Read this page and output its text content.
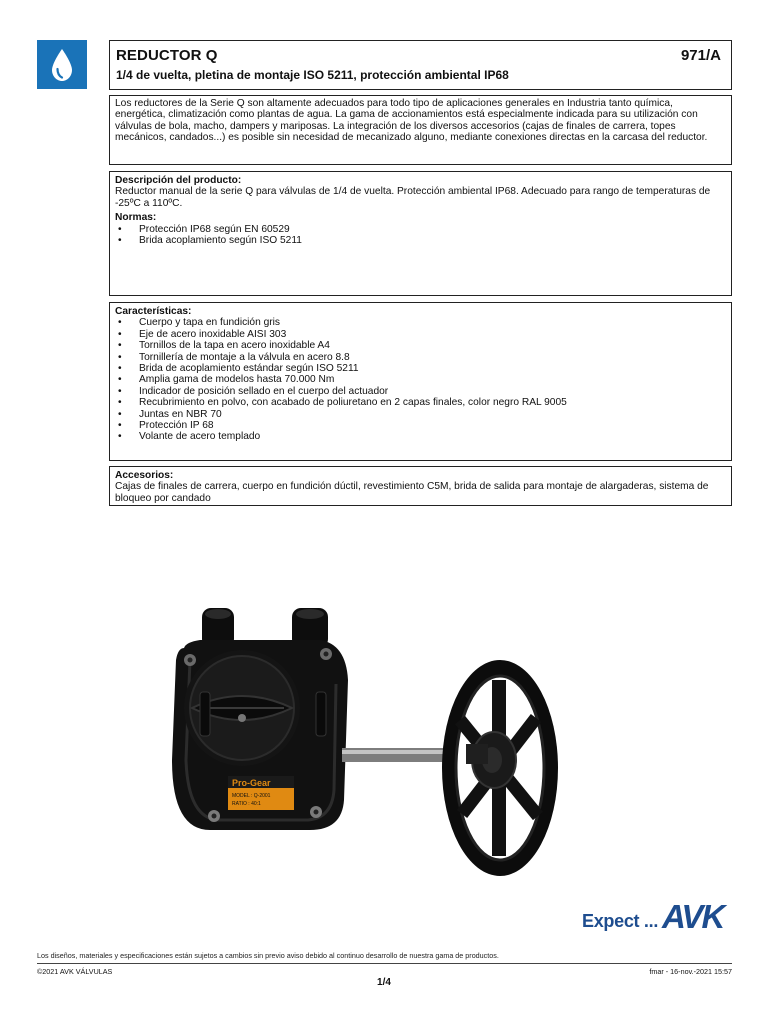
REDUCTOR Q	971/A
1/4 de vuelta, pletina de montaje ISO 5211, protección ambiental IP68

Los reductores de la Serie Q son altamente adecuados para todo tipo de aplicaciones generales en Industria tanto química, energética, climatización como plantas de agua. La gama de accionamientos está especialmente indicada para su utilización con válvulas de bola, macho, dampers y mariposas. La integración de los diversos accesorios (cajas de finales de carrera, topes mecánicos, candados...) es posible sin necesidad de mecanizado alguno, mediante conexiones directas en la carcasa del reductor.

Descripción del producto:

Reductor manual de la serie Q para válvulas de 1/4 de vuelta. Protección ambiental IP68. Adecuado para rango de temperaturas de -25ºC a 110ºC.

Normas:
• Protección IP68 según EN 60529
• Brida acoplamiento según ISO 5211
Características:
• Cuerpo y tapa en fundición gris
• Eje de acero inoxidable AISI 303
• Tornillos de la tapa en acero inoxidable A4
• Tornillería de montaje a la válvula en acero 8.8
• Brida de acoplamiento estándar según ISO 5211
• Amplia gama de modelos hasta 70.000 Nm
• Indicador de posición sellado en el cuerpo del actuador
• Recubrimiento en polvo, con acabado de poliuretano en 2 capas finales, color negro RAL 9005
• Juntas en NBR 70
• Protección IP 68
• Volante de acero templado
Accesorios:

Cajas de finales de carrera, cuerpo en fundición dúctil, revestimiento C5M, brida de salida para montaje de alargaderas, sistema de bloqueo por candado

Pro-Gear
MODEL : Q-2001
RATIO : 40:1
Expect ... AVK
Los diseños, materiales y especificaciones están sujetos a cambios sin previo aviso debido al continuo desarrollo de nuestra gama de productos.
©2021 AVK VÁLVULAS	fmar - 16-nov.-2021 15:57
1/4
